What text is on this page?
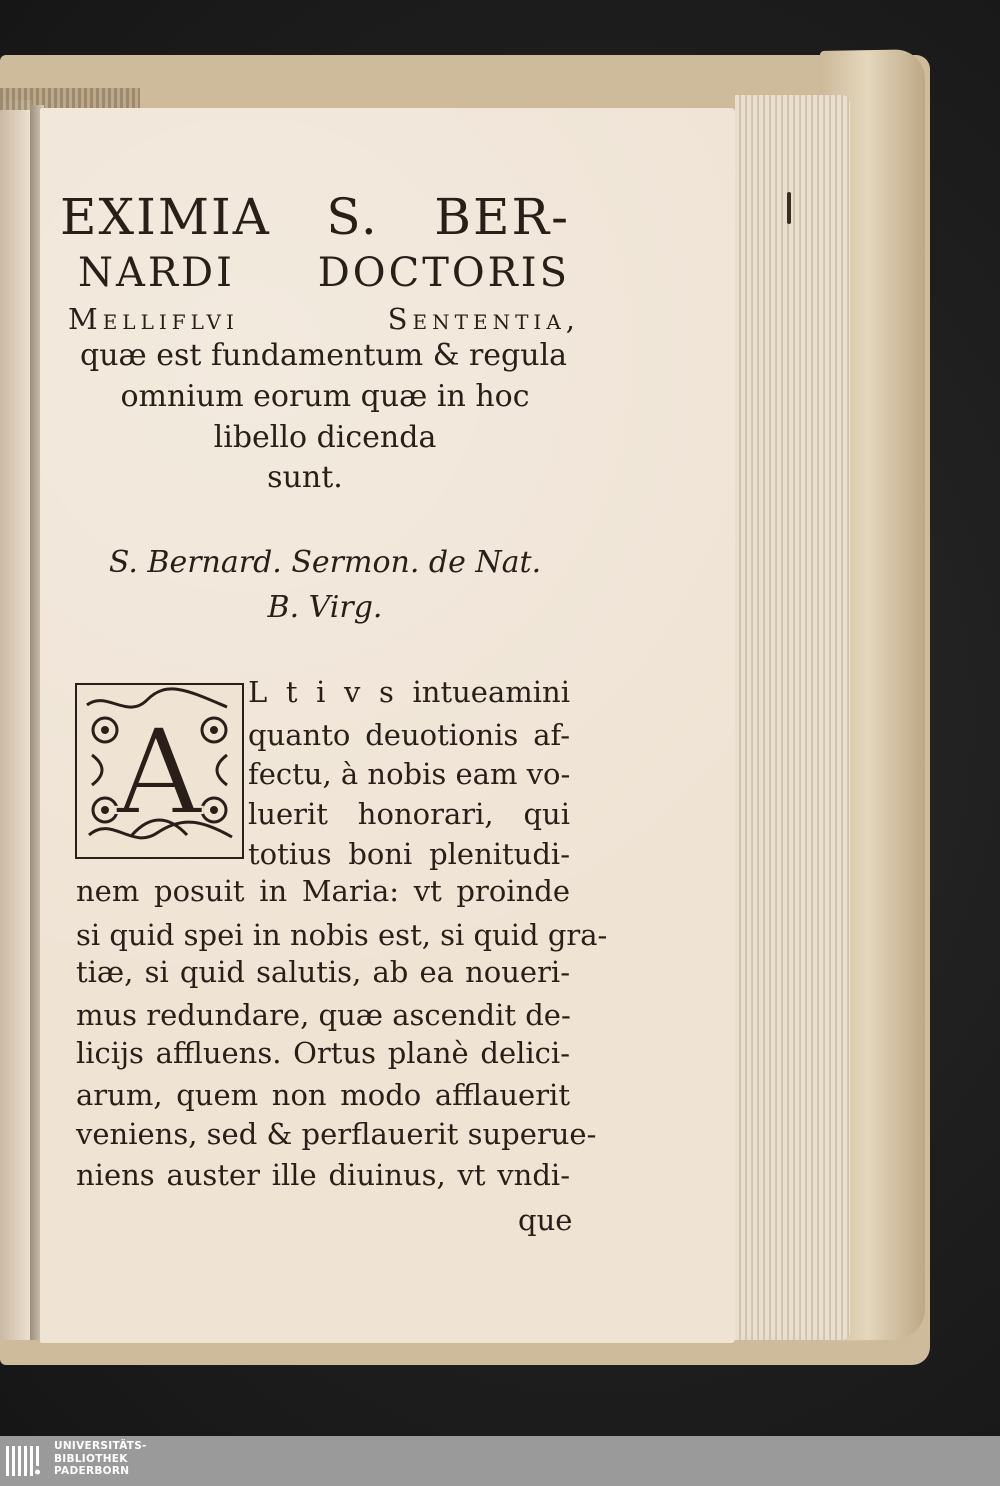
EXIMIA S. BER-
NARDI DOCTORIS
Melliflvi Sententia,
quæ est fundamentum & regula
omnium eorum quæ in hoc
libello dicenda
sunt.
S. Bernard. Sermon. de Nat.
B. Virg.
A
L t i v s intueamini
quanto deuotionis af-
fectu, à nobis eam vo-
luerit honorari, qui
totius boni plenitudi-
nem posuit in Maria: vt proinde
si quid spei in nobis est, si quid gra-
tiæ, si quid salutis, ab ea noueri-
mus redundare, quæ ascendit de-
licijs affluens. Ortus planè delici-
arum, quem non modo afflauerit
veniens, sed & perflauerit superue-
niens auster ille diuinus, vt vndi-
que
UNIVERSITÄTS-
BIBLIOTHEK
PADERBORN
